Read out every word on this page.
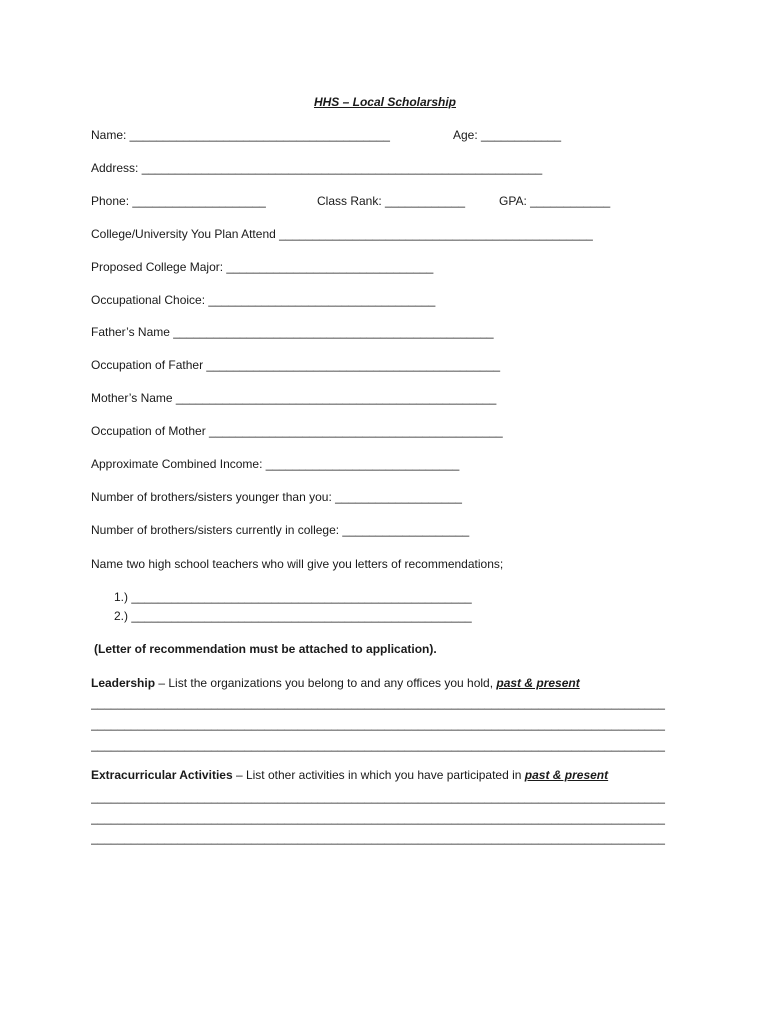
HHS – Local Scholarship
Name: _______________________________________	Age: ____________
Address: ____________________________________________________________
Phone: ____________________	Class Rank: ____________	GPA: ____________
College/University You Plan Attend _______________________________________________
Proposed College Major: _______________________________
Occupational Choice: __________________________________
Father’s Name ________________________________________________
Occupation of Father ____________________________________________
Mother’s Name ________________________________________________
Occupation of Mother ____________________________________________
Approximate Combined Income: _____________________________
Number of brothers/sisters younger than you: ___________________
Number of brothers/sisters currently in college: ___________________
Name two high school teachers who will give you letters of recommendations;
1.) ___________________________________________________
2.) ___________________________________________________
(Letter of recommendation must be attached to application).
Leadership – List the organizations you belong to and any offices you hold, past & present
______________________________________________________________________________________
______________________________________________________________________________________
______________________________________________________________________________________
Extracurricular Activities – List other activities in which you have participated in past & present
______________________________________________________________________________________
______________________________________________________________________________________
______________________________________________________________________________________
